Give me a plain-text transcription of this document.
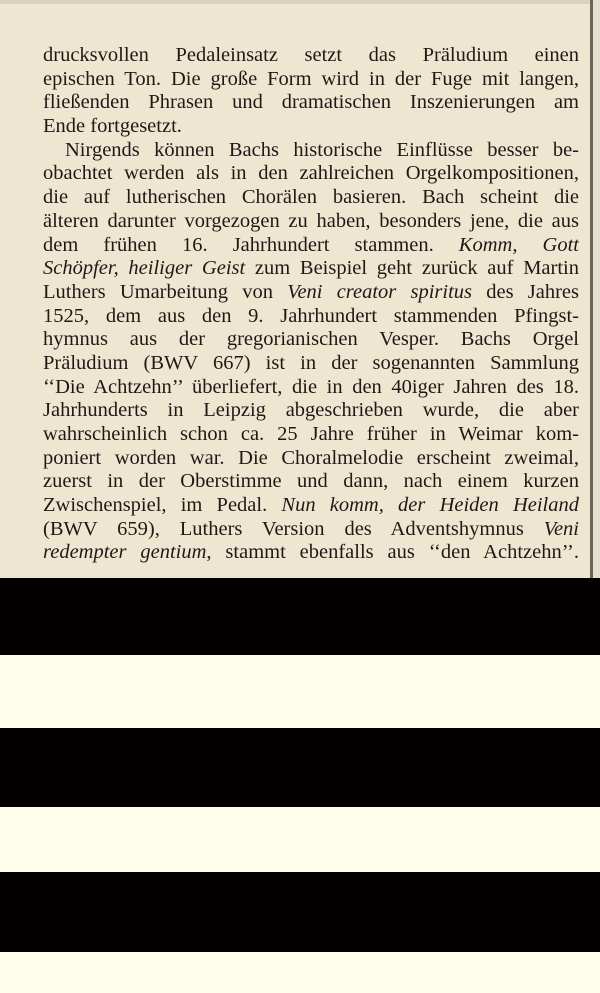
drucksvollen Pedaleinsatz setzt das Präludium einen
epischen Ton. Die große Form wird in der Fuge mit langen,
fließenden Phrasen und dramatischen Inszenierungen am
Ende fortgesetzt.
Nirgends können Bachs historische Einflüsse besser be-
obachtet werden als in den zahlreichen Orgelkompositionen,
die auf lutherischen Chorälen basieren. Bach scheint die
älteren darunter vorgezogen zu haben, besonders jene, die aus
dem frühen 16. Jahrhundert stammen. Komm, Gott
Schöpfer, heiliger Geist zum Beispiel geht zurück auf Martin
Luthers Umarbeitung von Veni creator spiritus des Jahres
1525, dem aus den 9. Jahrhundert stammenden Pfingst-
hymnus aus der gregorianischen Vesper. Bachs Orgel
Präludium (BWV 667) ist in der sogenannten Sammlung
‘‘Die Achtzehn’’ überliefert, die in den 40iger Jahren des 18.
Jahrhunderts in Leipzig abgeschrieben wurde, die aber
wahrscheinlich schon ca. 25 Jahre früher in Weimar kom-
poniert worden war. Die Choralmelodie erscheint zweimal,
zuerst in der Oberstimme und dann, nach einem kurzen
Zwischenspiel, im Pedal. Nun komm, der Heiden Heiland
(BWV 659), Luthers Version des Adventshymnus Veni
redempter gentium, stammt ebenfalls aus ‘‘den Achtzehn’’.
